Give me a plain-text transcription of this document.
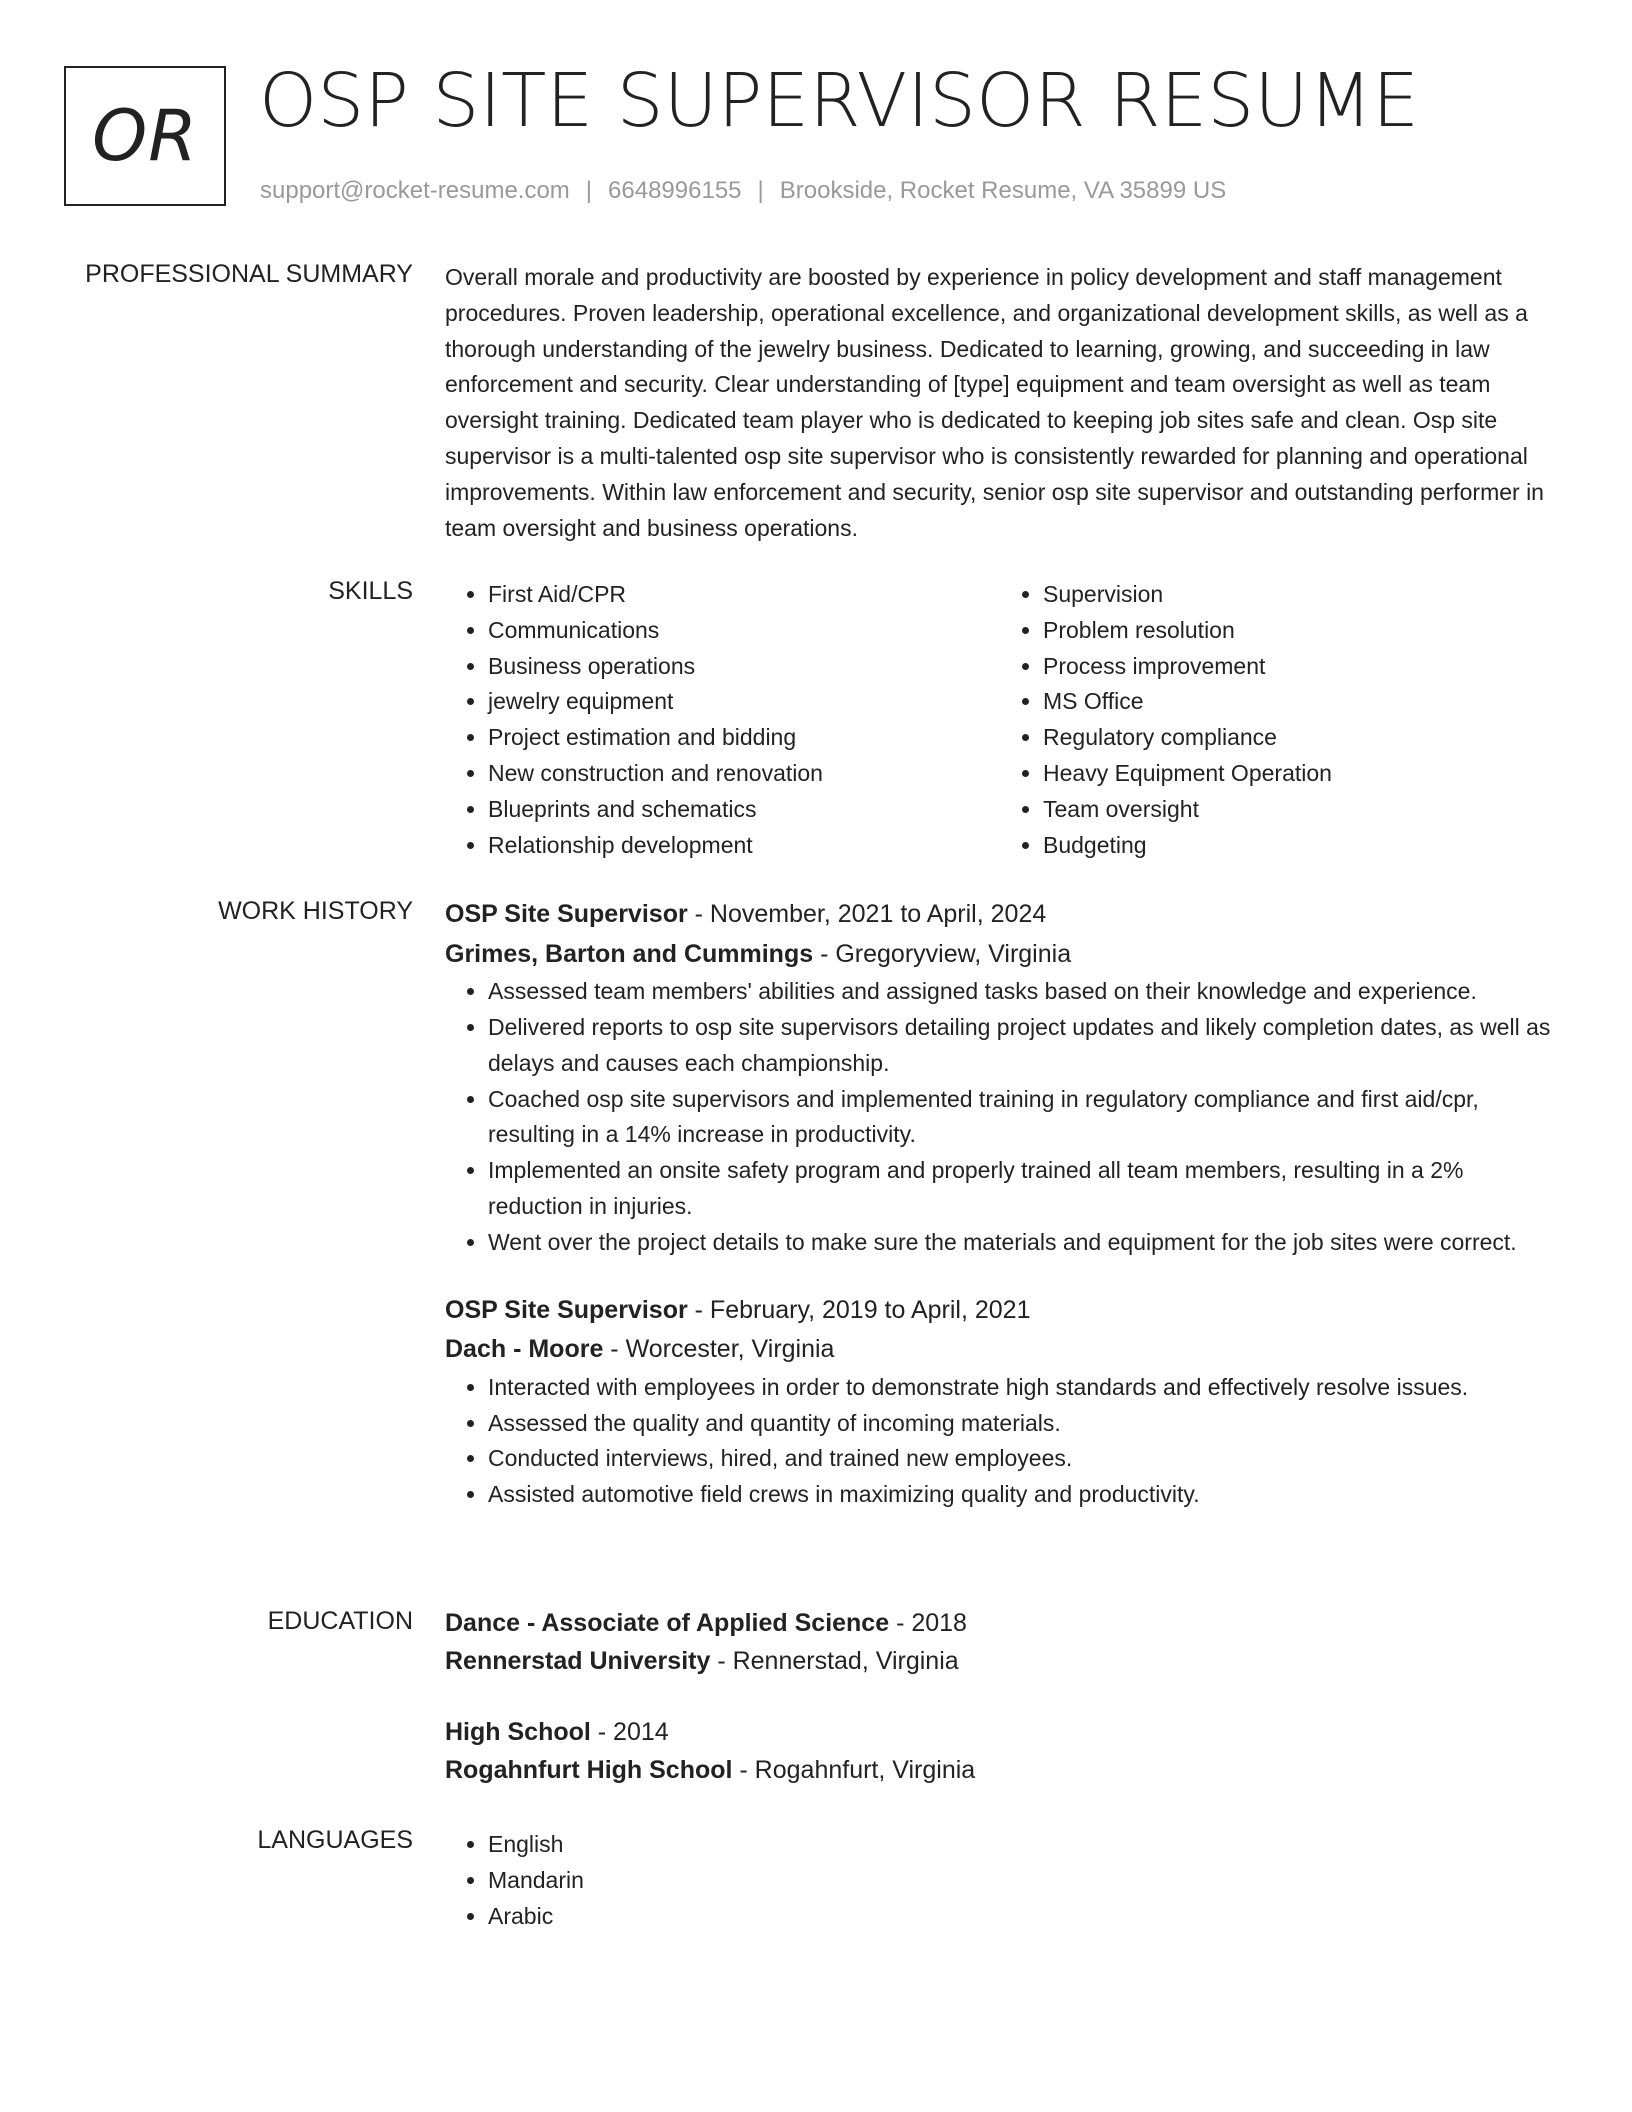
OR OSP SITE SUPERVISOR RESUME
support@rocket-resume.com | 6648996155 | Brookside, Rocket Resume, VA 35899 US
PROFESSIONAL SUMMARY Overall morale and productivity are boosted by experience in policy development and staff management procedures. Proven leadership, operational excellence, and organizational development skills, as well as a thorough understanding of the jewelry business. Dedicated to learning, growing, and succeeding in law enforcement and security. Clear understanding of [type] equipment and team oversight as well as team oversight training. Dedicated team player who is dedicated to keeping job sites safe and clean. Osp site supervisor is a multi-talented osp site supervisor who is consistently rewarded for planning and operational improvements. Within law enforcement and security, senior osp site supervisor and outstanding performer in team oversight and business operations.

SKILLS	• First Aid/CPR
• Communications
• Business operations
• jewelry equipment
• Project estimation and bidding
• New construction and renovation
• Blueprints and schematics
• Relationship development
• Supervision
• Problem resolution
• Process improvement
• MS Office
• Regulatory compliance
• Heavy Equipment Operation
• Team oversight
• Budgeting
WORK HISTORY OSP Site Supervisor - November, 2021 to April, 2024
Grimes, Barton and Cummings - Gregoryview, Virginia
• Assessed team members' abilities and assigned tasks based on their knowledge and experience.
• Delivered reports to osp site supervisors detailing project updates and likely completion dates, as well as delays and causes each championship.
• Coached osp site supervisors and implemented training in regulatory compliance and first aid/cpr, resulting in a 14% increase in productivity.
• Implemented an onsite safety program and properly trained all team members, resulting in a 2% reduction in injuries.
• Went over the project details to make sure the materials and equipment for the job sites were correct.
OSP Site Supervisor - February, 2019 to April, 2021
Dach - Moore - Worcester, Virginia
• Interacted with employees in order to demonstrate high standards and effectively resolve issues.
• Assessed the quality and quantity of incoming materials.
• Conducted interviews, hired, and trained new employees.
• Assisted automotive field crews in maximizing quality and productivity.
EDUCATION Dance - Associate of Applied Science - 2018
Rennerstad University - Rennerstad, Virginia
High School - 2014
Rogahnfurt High School - Rogahnfurt, Virginia
LANGUAGES	• English
• Mandarin
• Arabic
